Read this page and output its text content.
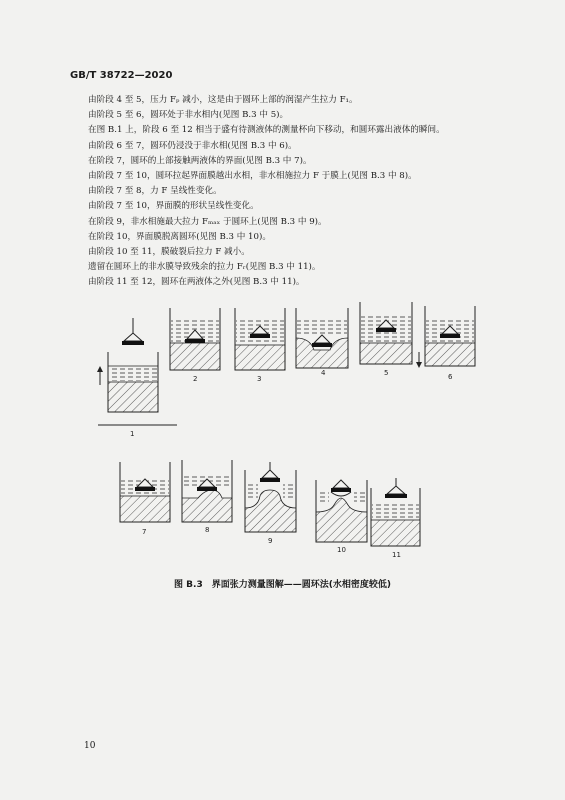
GB/T 38722—2020
由阶段 4 至 5，压力 Fₚ 减小，这是由于圆环上部的润湿产生拉力 F₁。
由阶段 5 至 6，圆环处于非水相内(见图 B.3 中 5)。
在图 B.1 上，阶段 6 至 12 相当于盛有待测液体的测量杯向下移动，和圆环露出液体的瞬间。
由阶段 6 至 7，圆环仍浸没于非水相(见图 B.3 中 6)。
在阶段 7，圆环的上部接触两液体的界面(见图 B.3 中 7)。
由阶段 7 至 10，圆环拉起界面膜越出水相，非水相施拉力 F 于膜上(见图 B.3 中 8)。
由阶段 7 至 8，力 F 呈线性变化。
由阶段 7 至 10，界面膜的形状呈线性变化。
在阶段 9，非水相施最大拉力 Fₘₐₓ 于圆环上(见图 B.3 中 9)。
在阶段 10，界面膜脱离圆环(见图 B.3 中 10)。
由阶段 10 至 11，膜破裂后拉力 F 减小。
遗留在圆环上的非水膜导致残余的拉力 Fᵣ(见图 B.3 中 11)。
由阶段 11 至 12，圆环在两液体之外(见图 B.3 中 11)。
1
2	3
4	5	6
7	8
9
10
11
图 B.3　界面张力测量图解——圆环法(水相密度较低)
10
